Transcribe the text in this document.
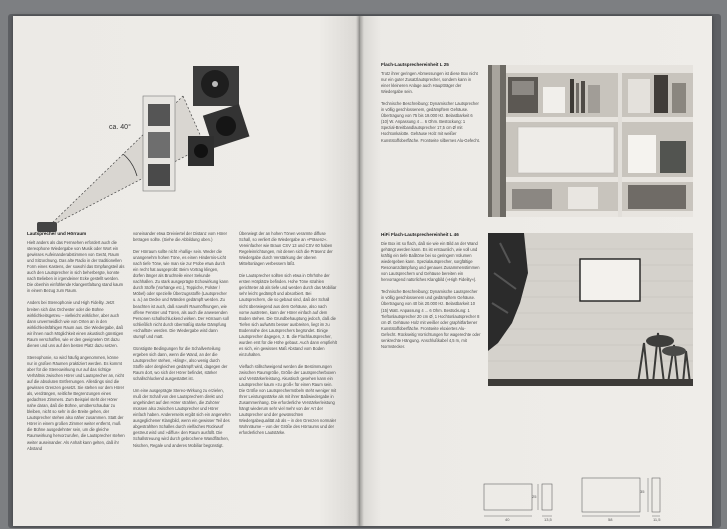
ca. 40°
Lautsprecher und Hörraum

Hielt anders als das Fernsehen erfordert auch die stereophone Wiedergabe von Musik oder Wort ein gewisses Aufeinanderabstimmen von Gerät, Raum und Sitzordnung. Das alte Radio in der traditionellen Form eines Kastens, der sowohl das Empfangsteil als auch den Lautsprecher in sich beherbergte, konnte nach Belieben in irgendeiner Ecke gestellt werden. Die obenhin einfühlende Klangentfaltung stand kaum in einem Bezug zum Raum.

Anders bei Stereophonie und High Fidelity. Jetzt breiten sich das Orchester oder die Bühne wirklichkeitsgetreu – vielleicht wirklicher, aber auch dann unvermeidlich wie von Orten an in den wirklichkeitsfähigen Raum aus. Die Wiedergabe, daß wir ihnen nach Möglichkeit einen akustisch günstigen Raum verschaffen, wie er den geeigneten Ort dazu dienen und uns auf den besten Platz dazu setzen.

Stereophonie, so wird häufig angenommen, könne nur in großen Räumen praktiziert werden. Es kommt aber für die Stereowirkung nur auf das richtige Verhältnis zwischen Hörer und Lautsprecher an, nicht auf die absoluten Entfernungen. Allerdings sind die gewissen Grenzen gesetzt. Sie stehen vor dem Hörer als, verdrängen, seitliche Begrenzungen eines gedachten Zimmers. Zum Beispiel steht der Hörer nahe daran, daß die Bühne, umüberschaubar zu bleiben, nicht so sehr in die Breite gehen, der Lautsprecher stehen also näher zusammen. Statt der Hörer in einem großen Zimmer weiter entfernt, muß die Bühne ausgedehnter sein, um die gleiche Raumwirkung hervorzurufen, die Lautsprecher stehen weiter auseinander. Als Anhalt kann gelten, daß ihr Abstand

voneinander etwa Dreiviertel der Distanz vom Hörer betragen sollte. (Siehe die Abbildung oben.)

Der Hörraum sollte nicht »hallig« sein. Weder die unangenehm hohen Töne, es einen Hindernis-Licht nach tiefe Töne, wie man sie zur Probe etwa durch ein recht hat ausgeprobt: Beim Vortrag klingen, dürfen länger als Bruchteile einer Sekunde nachhallen. Zu stark ausgeprägte Echowirkung kann durch Stoffe (Vorhänge etc.), Teppiche, Polster / Möbel) oder spezielle Überzugsstoffe (Lautsprecher u. a.) an Decke und Wänden gedämpft werden. Zu beachten ist auch, daß sowohl Raumöffnungen, wie offene Fenster und Türen, als auch die anwesenden Personen schallschluckend wirken. Der Hörraum soll schließlich nicht durch übermäßig starke Dämpfung »schalltot« werden. Die Wiedergabe wird dann stumpf und matt.

Günstigste Bedingungen für die Schallverteilung ergeben sich dann, wenn die Wand, an der die Lautsprecher stehen, »klingt«, also wenig durch Stoffe oder dergleichen gedämpft wird, dagegen der Raum dort, wo sich der Hörer befindet, stärker schallschluckend ausgestattet ist.

Um eine ausgeprägte Stereo-Wirkung zu erzielen, muß der Schall von den Lautsprechern direkt und ungehindert auf den Hörer strahlen, die Zuhörer müssen also zwischen Lautsprecher und Hörer einfach haben. Andererseits ergibt sich ein angenehm ausgeglichener Klangbild, wenn ein gewisser Teil des abgestrahlten Schalles durch vielfaches Rückwurf gestreut wird und »diffus« den Raum ausfüllt. Die Schallstreuung wird durch gebrochene Wandflächen, Nischen, Regale und anderes Mobiliar begünstigt.

Überwiegt der an hohen Tönen verarmte diffuse Schall, so verliert die Wiedergabe an »Präsenz«. Vereinfacher wie Braun CSV 13 und CSV 60 haben Regeleinrichtungen, mit denen sich die Präsenz der Wiedergabe durch Verstärkung der oberen Mitteltonlagen verbessern läßt.

Die Lautsprecher sollten sich etwa in Ohrhöhe der ersten Hörplätze befinden. Hohe Töne strahlen gerichteter ab als tiefe und werden durch das Mobiliar sehr leicht gedämpft und absorbiert. Bei Lautsprechern, die so gebaut sind, daß der Schall nicht überwiegend aus dem Gehäuse, also nach vorne austreten, kann der Hörer einfach auf dem Boden stehen. Die Grundbehauptung jedoch, daß die Tiefen sich aufwärts besser ausbreiten, liegt im zu Bodennahe des Lautsprechers begründet. Einige Lautsprecher dagegen, z. B. die Flachlautsprecher, wurden erst für die Höhe gebaut. Auch dann empfiehlt es sich, ein gewisses Maß Abstand vom Boden einzuhalten.

Vielfach stillschweigend werden die Bestimmungen zwischen Raumgröße, Größe der Lautsprecherboxen und Verstärkerleistung. Akustisch gesehen kann ein Lautsprecher kaum »zu groß« für einen Raum sein. Die Größe von Lautsprechermöbeln steht weniger mit Ihrer Leistungsstärke als mit ihrer Baßwiedergabe in Zusammenhang. Die erforderliche Verstärkerleistung hängt wiederum sehr viel mehr von der Art der Lautsprecher und der gewünschten Wiedergabequalität ab als – in den Grenzen normaler Wohnräume – von der Größe des Hörraums und der erforderlichen Lautstärke.

Flach-Lautsprechereinheit L 25

Trotz ihrer geringen Abmessungen ist diese Box nicht nur ein guter Zusatzlautsprecher, sondern kann in einer kleineren Anlage auch Hauptträger der Wiedergabe sein.

Technische Beschreibung: Dynamischer Lautsprecher in völlig geschlossenem, gedämpftem Gehäuse. Übertragung von 75 bis 19.000 Hz. Belastbarkeit 6 (10) W. Anpassung 4 ... 6 Ohm. Bestückung: 1 Spezial-Breitbandlautsprecher 17,5 cm Ø mit Hochtonkalotte. Gehäuse Holz mit weißer Kunststoffoberfläche. Frontseite silbernes Alu-Gefecht.

HiFi Flach-Lautsprechereinheit L 46

Die Box ist so flach, daß sie wie ein Bild an der Wand gehängt werden kann. Es ist erstaunlich, wie voll und kräftig ein tiefe Baßtöne bei so geringem Volumen wiedergeben kann. Spezialautsprecher, sorgfältige Resonanzdämpfung und genaues Zusammenstimmen von Lautsprechern und Gehäuse bereiten ein hervorragend natürliches Klangbild (»High Fidelity«).

Technische Beschreibung: Dynamische Lautsprecher in völlig geschlossenem und gedämpftem Gehäuse. Übertragung von 40 bis 20.000 Hz. Belastbarkeit 10 (15) Watt. Anpassung 4 ... 6 Ohm. Bestückung: 1 Tieftonlautsprecher 20 cm Ø, 1 Hochtonlautsprecher 8 cm Ø. Gehäuse Holz mit weißer oder graphitfarbener Kunststoffoberfläche. Frontseite eloxiertes Alu-Gefecht. Rückseitig Vorrichtungen für wagerechte oder senkrechte Hängung. Anschlußkabel 4,5 m, mit Normstecker.

40
25
13,5	58
35
11,5
